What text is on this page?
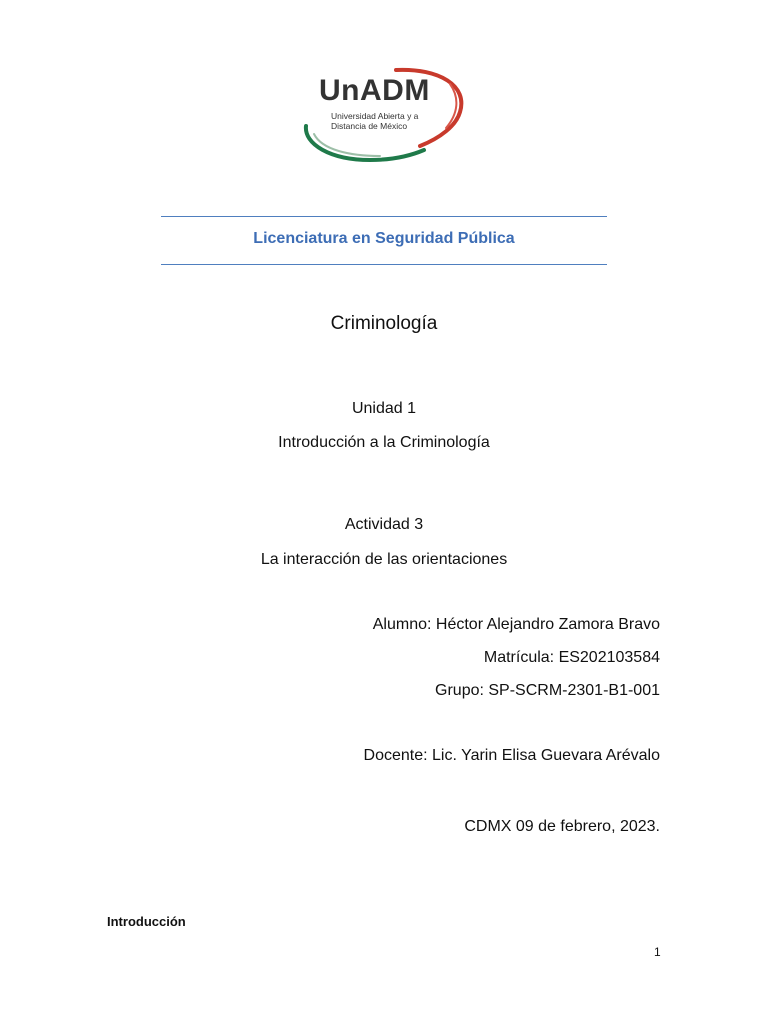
UnADM
Universidad Abierta y a
Distancia de México
Licenciatura en Seguridad Pública
Criminología
Unidad 1
Introducción a la Criminología
Actividad 3
La interacción de las orientaciones
Alumno: Héctor Alejandro Zamora Bravo
Matrícula: ES202103584
Grupo: SP-SCRM-2301-B1-001
Docente: Lic. Yarin Elisa Guevara Arévalo
CDMX 09 de febrero, 2023.
Introducción
1
